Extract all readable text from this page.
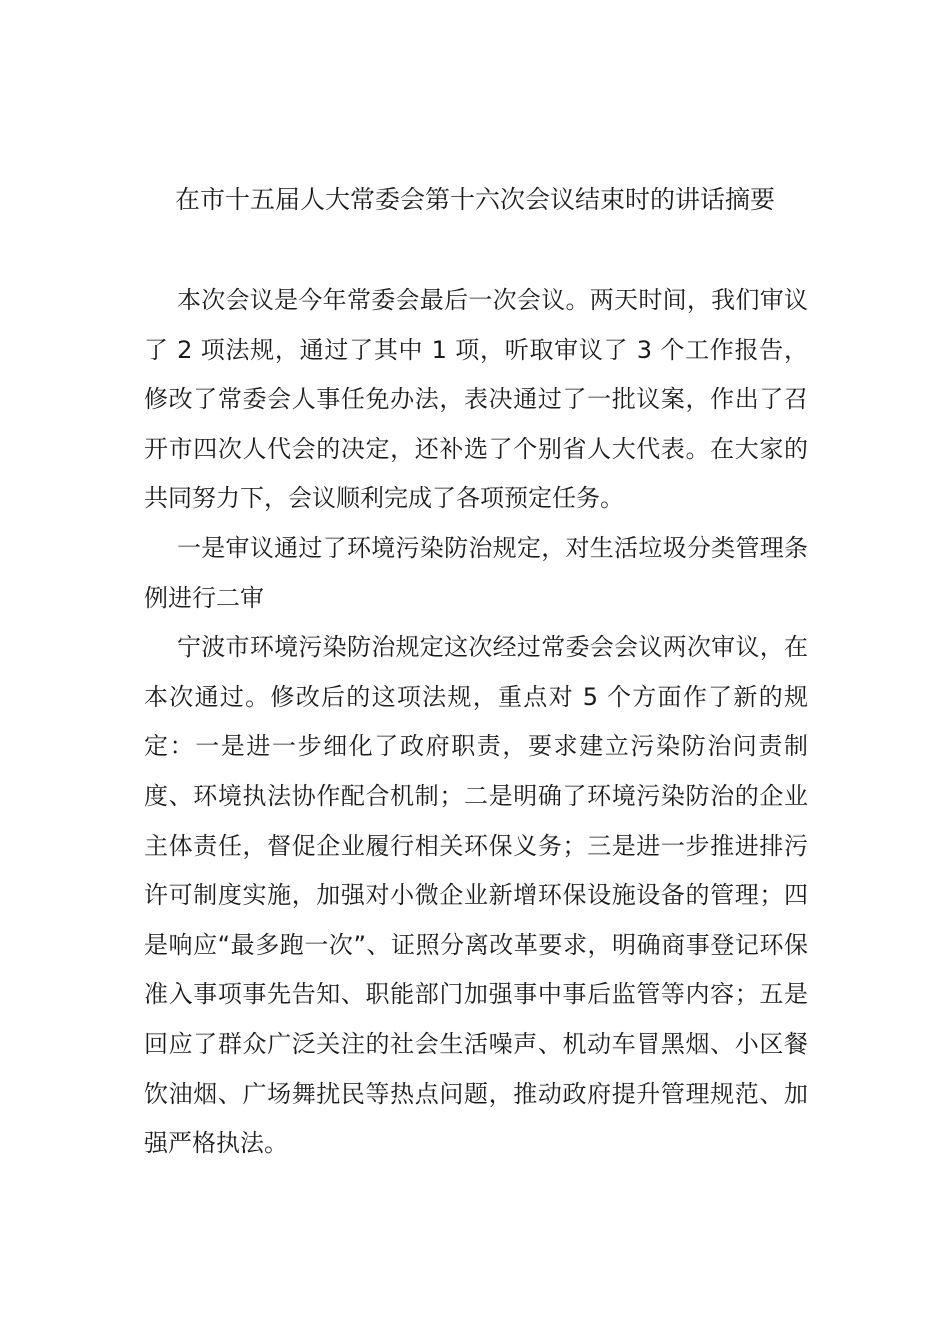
在市十五届人大常委会第十六次会议结束时的讲话摘要

本次会议是今年常委会最后一次会议。两天时间，我们审议了 2 项法规，通过了其中 1 项，听取审议了 3 个工作报告，修改了常委会人事任免办法，表决通过了一批议案，作出了召开市四次人代会的决定，还补选了个别省人大代表。在大家的共同努力下，会议顺利完成了各项预定任务。

一是审议通过了环境污染防治规定，对生活垃圾分类管理条例进行二审

宁波市环境污染防治规定这次经过常委会会议两次审议，在本次通过。修改后的这项法规，重点对 5 个方面作了新的规定：一是进一步细化了政府职责，要求建立污染防治问责制度、环境执法协作配合机制；二是明确了环境污染防治的企业主体责任，督促企业履行相关环保义务；三是进一步推进排污许可制度实施，加强对小微企业新增环保设施设备的管理；四是响应“最多跑一次”、证照分离改革要求，明确商事登记环保准入事项事先告知、职能部门加强事中事后监管等内容；五是回应了群众广泛关注的社会生活噪声、机动车冒黑烟、小区餐饮油烟、广场舞扰民等热点问题，推动政府提升管理规范、加强严格执法。
